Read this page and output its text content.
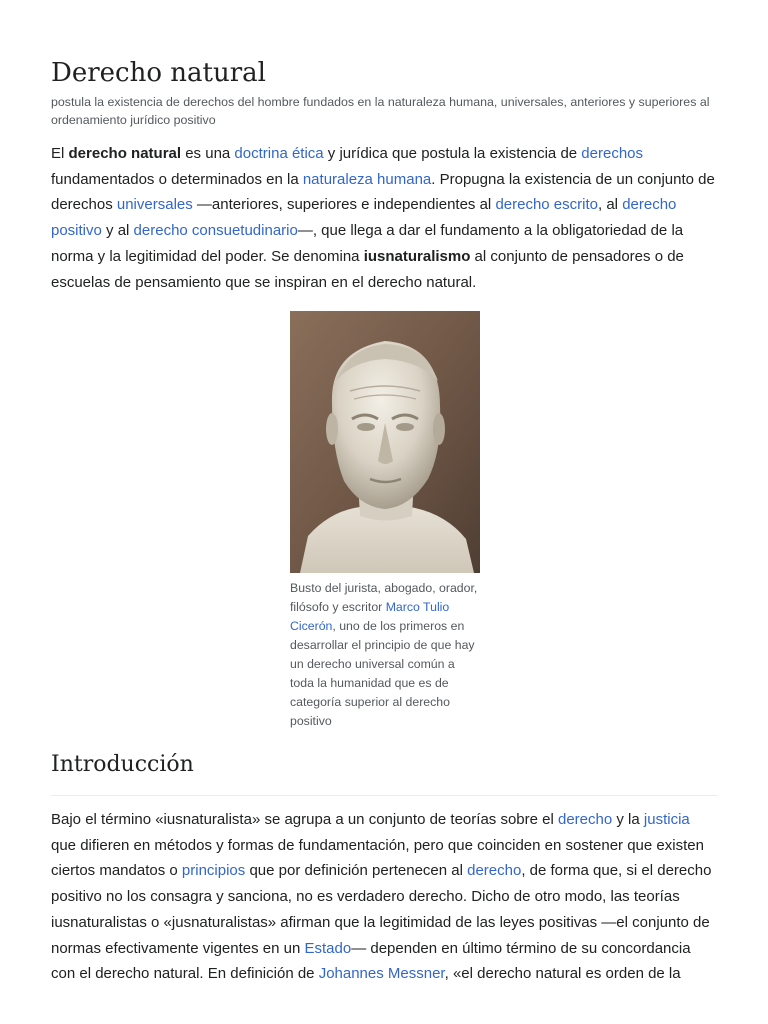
Derecho natural
postula la existencia de derechos del hombre fundados en la naturaleza humana, universales, anteriores y superiores al ordenamiento jurídico positivo

El derecho natural es una doctrina ética y jurídica que postula la existencia de derechos fundamentados o determinados en la naturaleza humana. Propugna la existencia de un conjunto de derechos universales —anteriores, superiores e independientes al derecho escrito, al derecho positivo y al derecho consuetudinario—, que llega a dar el fundamento a la obligatoriedad de la norma y la legitimidad del poder. Se denomina iusnaturalismo al conjunto de pensadores o de escuelas de pensamiento que se inspiran en el derecho natural.

Busto del jurista, abogado, orador, filósofo y escritor Marco Tulio Cicerón, uno de los primeros en desarrollar el principio de que hay un derecho universal común a toda la humanidad que es de categoría superior al derecho positivo
Introducción

Bajo el término «iusnaturalista» se agrupa a un conjunto de teorías sobre el derecho y la justicia que difieren en métodos y formas de fundamentación, pero que coinciden en sostener que existen ciertos mandatos o principios que por definición pertenecen al derecho, de forma que, si el derecho positivo no los consagra y sanciona, no es verdadero derecho. Dicho de otro modo, las teorías iusnaturalistas o «jusnaturalistas» afirman que la legitimidad de las leyes positivas —el conjunto de normas efectivamente vigentes en un Estado— dependen en último término de su concordancia con el derecho natural. En definición de Johannes Messner, «el derecho natural es orden de la
